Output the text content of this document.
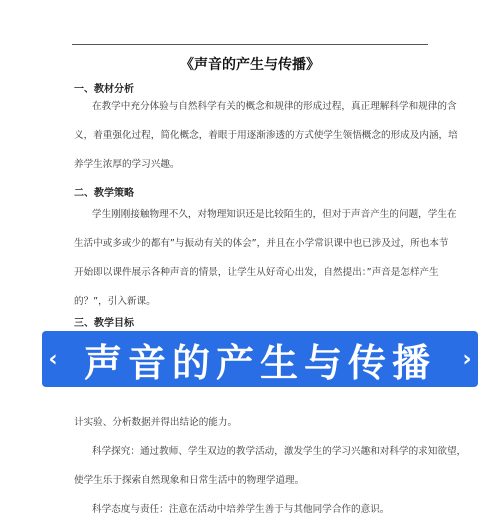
《声音的产生与传播》
一、教材分析
在教学中充分体验与自然科学有关的概念和规律的形成过程，真正理解科学和规律的含
义，着重强化过程，简化概念，着眼于用逐渐渗透的方式使学生领悟概念的形成及内涵，培
养学生浓厚的学习兴趣。
二、教学策略
学生刚刚接触物理不久，对物理知识还是比较陌生的，但对于声音产生的问题，学生在
生活中或多或少的都有”与振动有关的体会”，并且在小学常识课中也已涉及过，所也本节
开始即以课件展示各种声音的情景，让学生从好奇心出发，自然提出：”声音是怎样产生
的？”，引入新课。
三、教学目标
‹ 声音的产生与传播	›
计实验、分析数据并得出结论的能力。
科学探究：通过教师、学生双边的教学活动，激发学生的学习兴趣和对科学的求知欲望，
使学生乐于探索自然现象和日常生活中的物理学道理。
科学态度与责任：注意在活动中培养学生善于与其他同学合作的意识。
